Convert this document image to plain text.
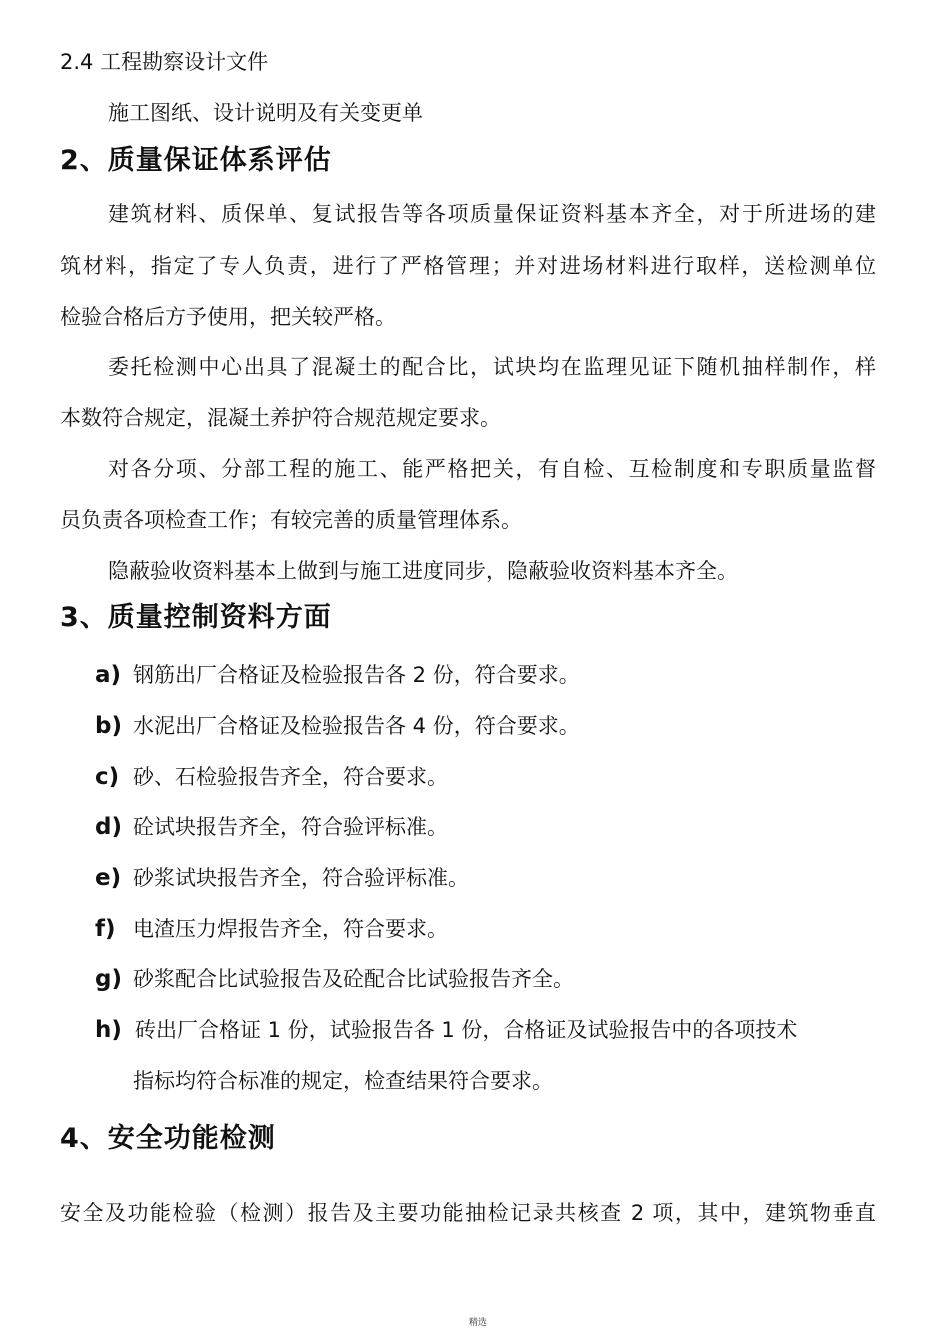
2.4 工程勘察设计文件
施工图纸、设计说明及有关变更单
2、质量保证体系评估
建筑材料、质保单、复试报告等各项质量保证资料基本齐全，对于所进场的建
筑材料，指定了专人负责，进行了严格管理；并对进场材料进行取样，送检测单位
检验合格后方予使用，把关较严格。
委托检测中心出具了混凝土的配合比，试块均在监理见证下随机抽样制作，样
本数符合规定，混凝土养护符合规范规定要求。
对各分项、分部工程的施工、能严格把关，有自检、互检制度和专职质量监督
员负责各项检查工作；有较完善的质量管理体系。
隐蔽验收资料基本上做到与施工进度同步，隐蔽验收资料基本齐全。
3、质量控制资料方面
a) 钢筋出厂合格证及检验报告各 2 份，符合要求。
b) 水泥出厂合格证及检验报告各 4 份，符合要求。
c) 砂、石检验报告齐全，符合要求。
d) 砼试块报告齐全，符合验评标准。
e) 砂浆试块报告齐全，符合验评标准。
f) 电渣压力焊报告齐全，符合要求。
g) 砂浆配合比试验报告及砼配合比试验报告齐全。
h) 砖出厂合格证 1 份，试验报告各 1 份，合格证及试验报告中的各项技术
指标均符合标准的规定，检查结果符合要求。
4、安全功能检测
安全及功能检验（检测）报告及主要功能抽检记录共核查 2 项，其中，建筑物垂直
精选
